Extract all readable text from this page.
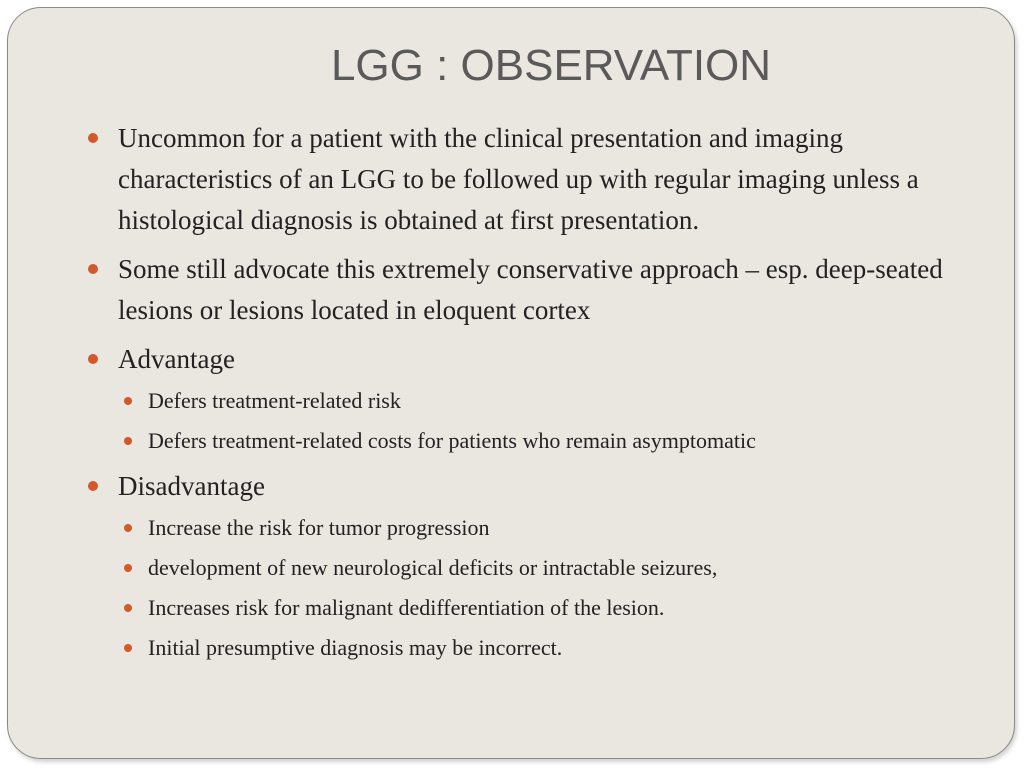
LGG : OBSERVATION
Uncommon for a patient with the clinical presentation and imaging characteristics of an LGG to be followed up with regular imaging unless a histological diagnosis is obtained at first presentation.
Some still advocate this extremely conservative approach – esp. deep-seated lesions or lesions located in eloquent cortex
Advantage
Defers treatment-related risk
Defers treatment-related costs for patients who remain asymptomatic
Disadvantage
Increase the risk for tumor progression
development of new neurological deficits or intractable seizures,
Increases risk for malignant dedifferentiation of the lesion.
Initial presumptive diagnosis may be incorrect.
